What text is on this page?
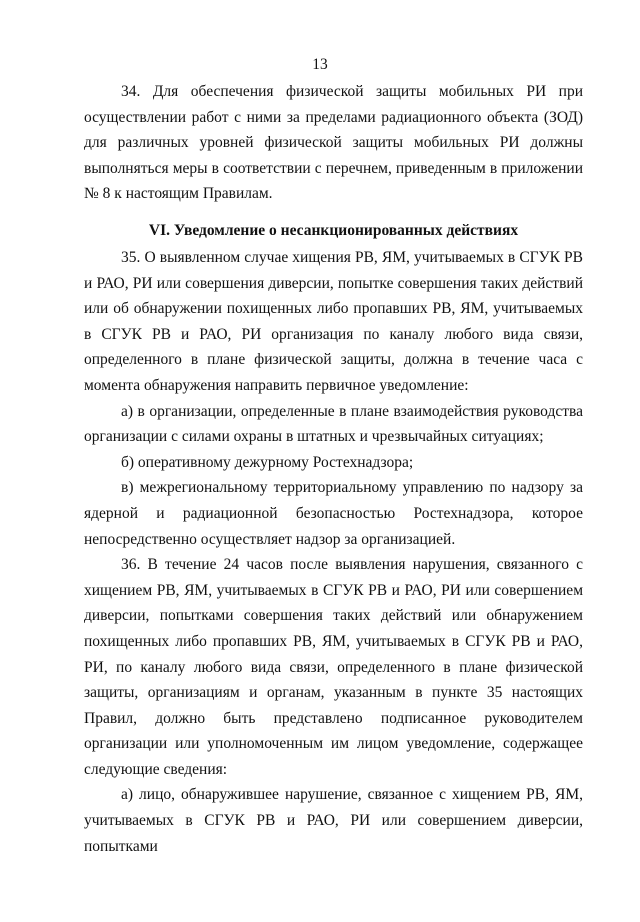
13

34. Для обеспечения физической защиты мобильных РИ при осуществлении работ с ними за пределами радиационного объекта (ЗОД) для различных уровней физической защиты мобильных РИ должны выполняться меры в соответствии с перечнем, приведенным в приложении № 8 к настоящим Правилам.

VI. Уведомление о несанкционированных действиях

35. О выявленном случае хищения РВ, ЯМ, учитываемых в СГУК РВ и РАО, РИ или совершения диверсии, попытке совершения таких действий или об обнаружении похищенных либо пропавших РВ, ЯМ, учитываемых в СГУК РВ и РАО, РИ организация по каналу любого вида связи, определенного в плане физической защиты, должна в течение часа с момента обнаружения направить первичное уведомление:

а) в организации, определенные в плане взаимодействия руководства организации с силами охраны в штатных и чрезвычайных ситуациях;

б) оперативному дежурному Ростехнадзора;

в) межрегиональному территориальному управлению по надзору за ядерной и радиационной безопасностью Ростехнадзора, которое непосредственно осуществляет надзор за организацией.

36. В течение 24 часов после выявления нарушения, связанного с хищением РВ, ЯМ, учитываемых в СГУК РВ и РАО, РИ или совершением диверсии, попытками совершения таких действий или обнаружением похищенных либо пропавших РВ, ЯМ, учитываемых в СГУК РВ и РАО, РИ, по каналу любого вида связи, определенного в плане физической защиты, организациям и органам, указанным в пункте 35 настоящих Правил, должно быть представлено подписанное руководителем организации или уполномоченным им лицом уведомление, содержащее следующие сведения:

а) лицо, обнаружившее нарушение, связанное с хищением РВ, ЯМ, учитываемых в СГУК РВ и РАО, РИ или совершением диверсии, попытками
